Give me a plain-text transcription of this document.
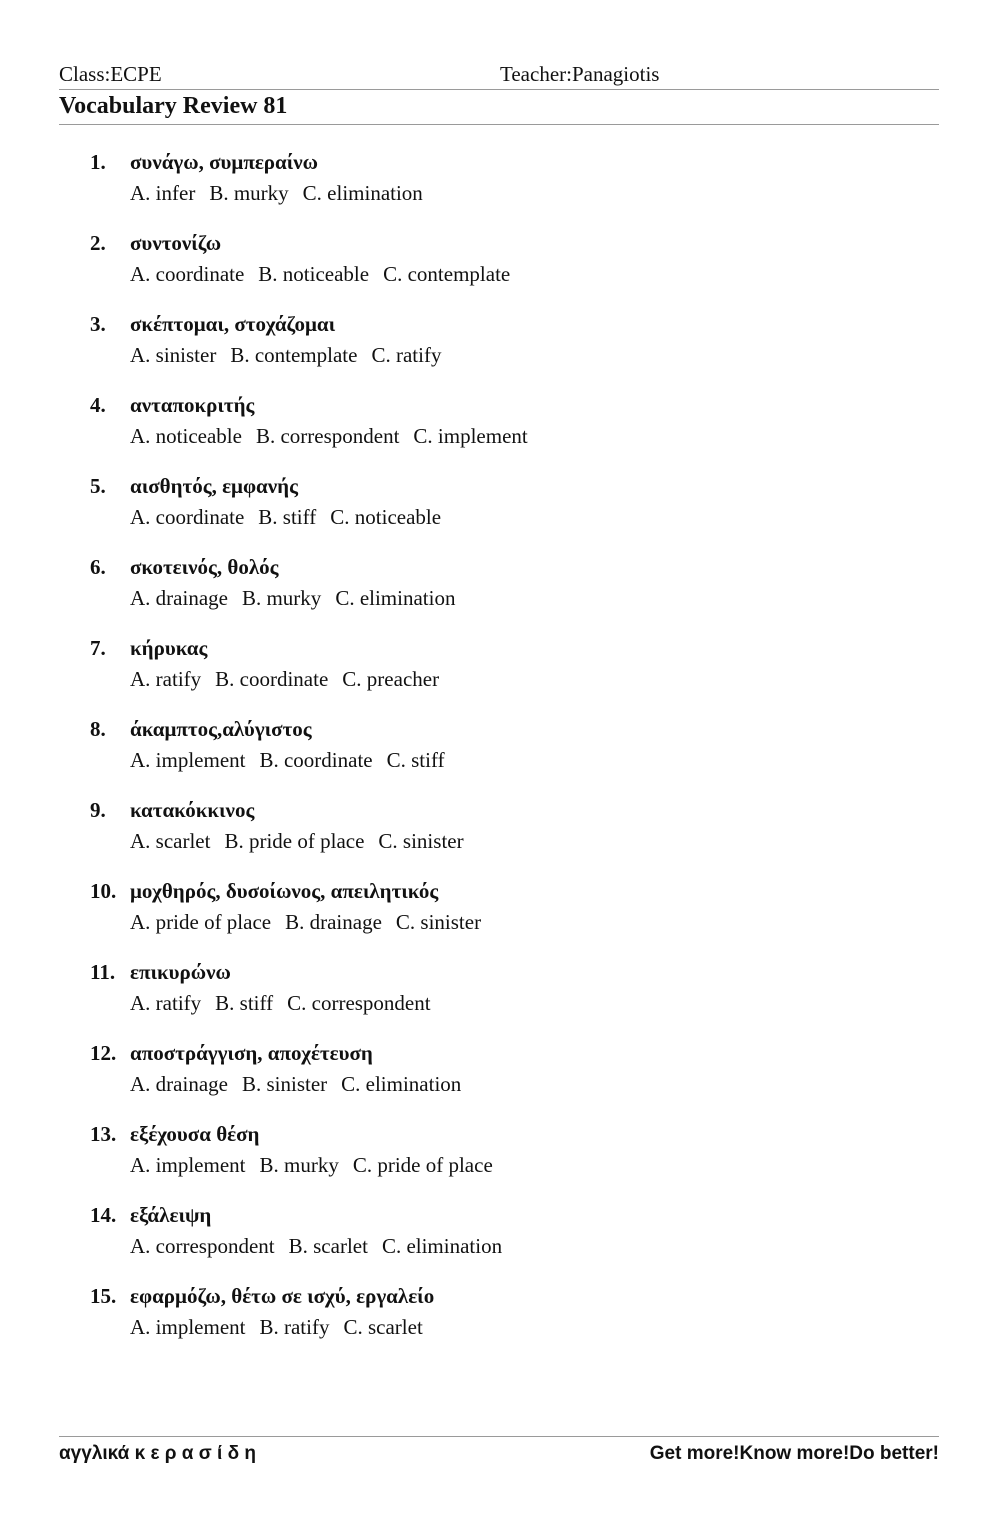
Class:ECPE	Teacher:Panagiotis
Vocabulary Review 81
1. συνάγω, συμπεραίνω
A. infer B. murky C. elimination
2. συντονίζω
A. coordinate B. noticeable C. contemplate
3. σκέπτομαι, στοχάζομαι
A. sinister B. contemplate C. ratify
4. ανταποκριτής
A. noticeable B. correspondent C. implement
5. αισθητός, εμφανής
A. coordinate B. stiff C. noticeable
6. σκοτεινός, θολός
A. drainage B. murky C. elimination
7. κήρυκας
A. ratify B. coordinate C. preacher
8. άκαμπτος,αλύγιστος
A. implement B. coordinate C. stiff
9. κατακόκκινος
A. scarlet B. pride of place C. sinister
10. μοχθηρός, δυσοίωνος, απειλητικός
A. pride of place B. drainage C. sinister
11. επικυρώνω
A. ratify B. stiff C. correspondent
12. αποστράγγιση, αποχέτευση
A. drainage B. sinister C. elimination
13. εξέχουσα θέση
A. implement B. murky C. pride of place
14. εξάλειψη
A. correspondent B. scarlet C. elimination
15. εφαρμόζω, θέτω σε ισχύ, εργαλείο
A. implement B. ratify C. scarlet
αγγλικά κ ε ρ α σ ί δ η	Get more!Know more!Do better!
